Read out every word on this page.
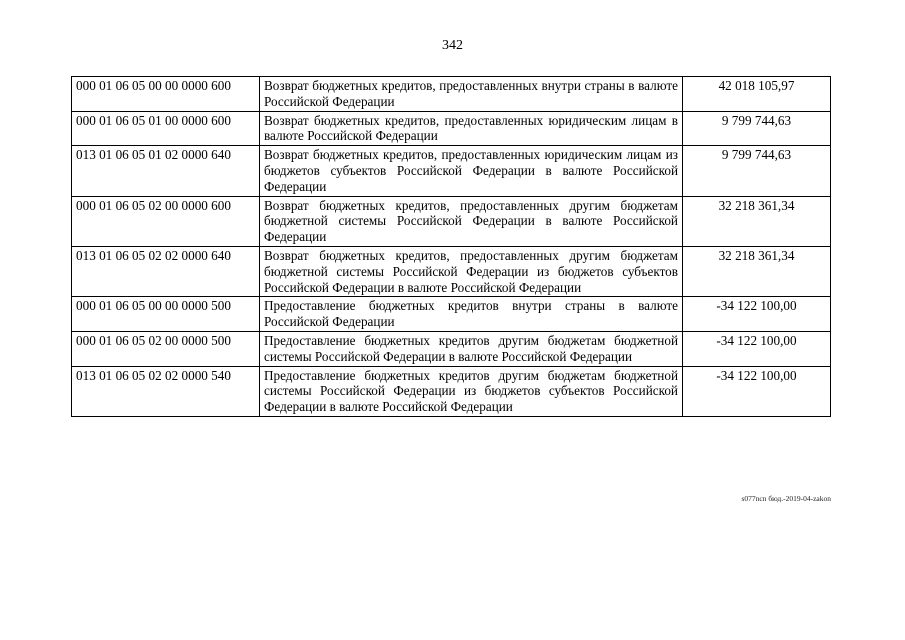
342
000 01 06 05 00 00 0000 600	Возврат бюджетных кредитов, предоставленных внутри страны в валюте Российской Федерации	42 018 105,97
000 01 06 05 01 00 0000 600	Возврат бюджетных кредитов, предоставленных юридическим лицам в валюте Российской Федерации	9 799 744,63
013 01 06 05 01 02 0000 640	Возврат бюджетных кредитов, предоставленных юридическим лицам из бюджетов субъектов Российской Федерации в валюте Российской Федерации	9 799 744,63
000 01 06 05 02 00 0000 600	Возврат бюджетных кредитов, предоставленных другим бюджетам бюджетной системы Российской Федерации в валюте Российской Федерации	32 218 361,34
013 01 06 05 02 02 0000 640	Возврат бюджетных кредитов, предоставленных другим бюджетам бюджетной системы Российской Федерации из бюджетов субъектов Российской Федерации в валюте Российской Федерации	32 218 361,34
000 01 06 05 00 00 0000 500	Предоставление бюджетных кредитов внутри страны в валюте Российской Федерации	-34 122 100,00
000 01 06 05 02 00 0000 500	Предоставление бюджетных кредитов другим бюджетам бюджетной системы Российской Федерации в валюте Российской Федерации	-34 122 100,00
013 01 06 05 02 02 0000 540	Предоставление бюджетных кредитов другим бюджетам бюджетной системы Российской Федерации из бюджетов субъектов Российской Федерации в валюте Российской Федерации	-34 122 100,00
s077ncn бюд.-2019-04-zakon
